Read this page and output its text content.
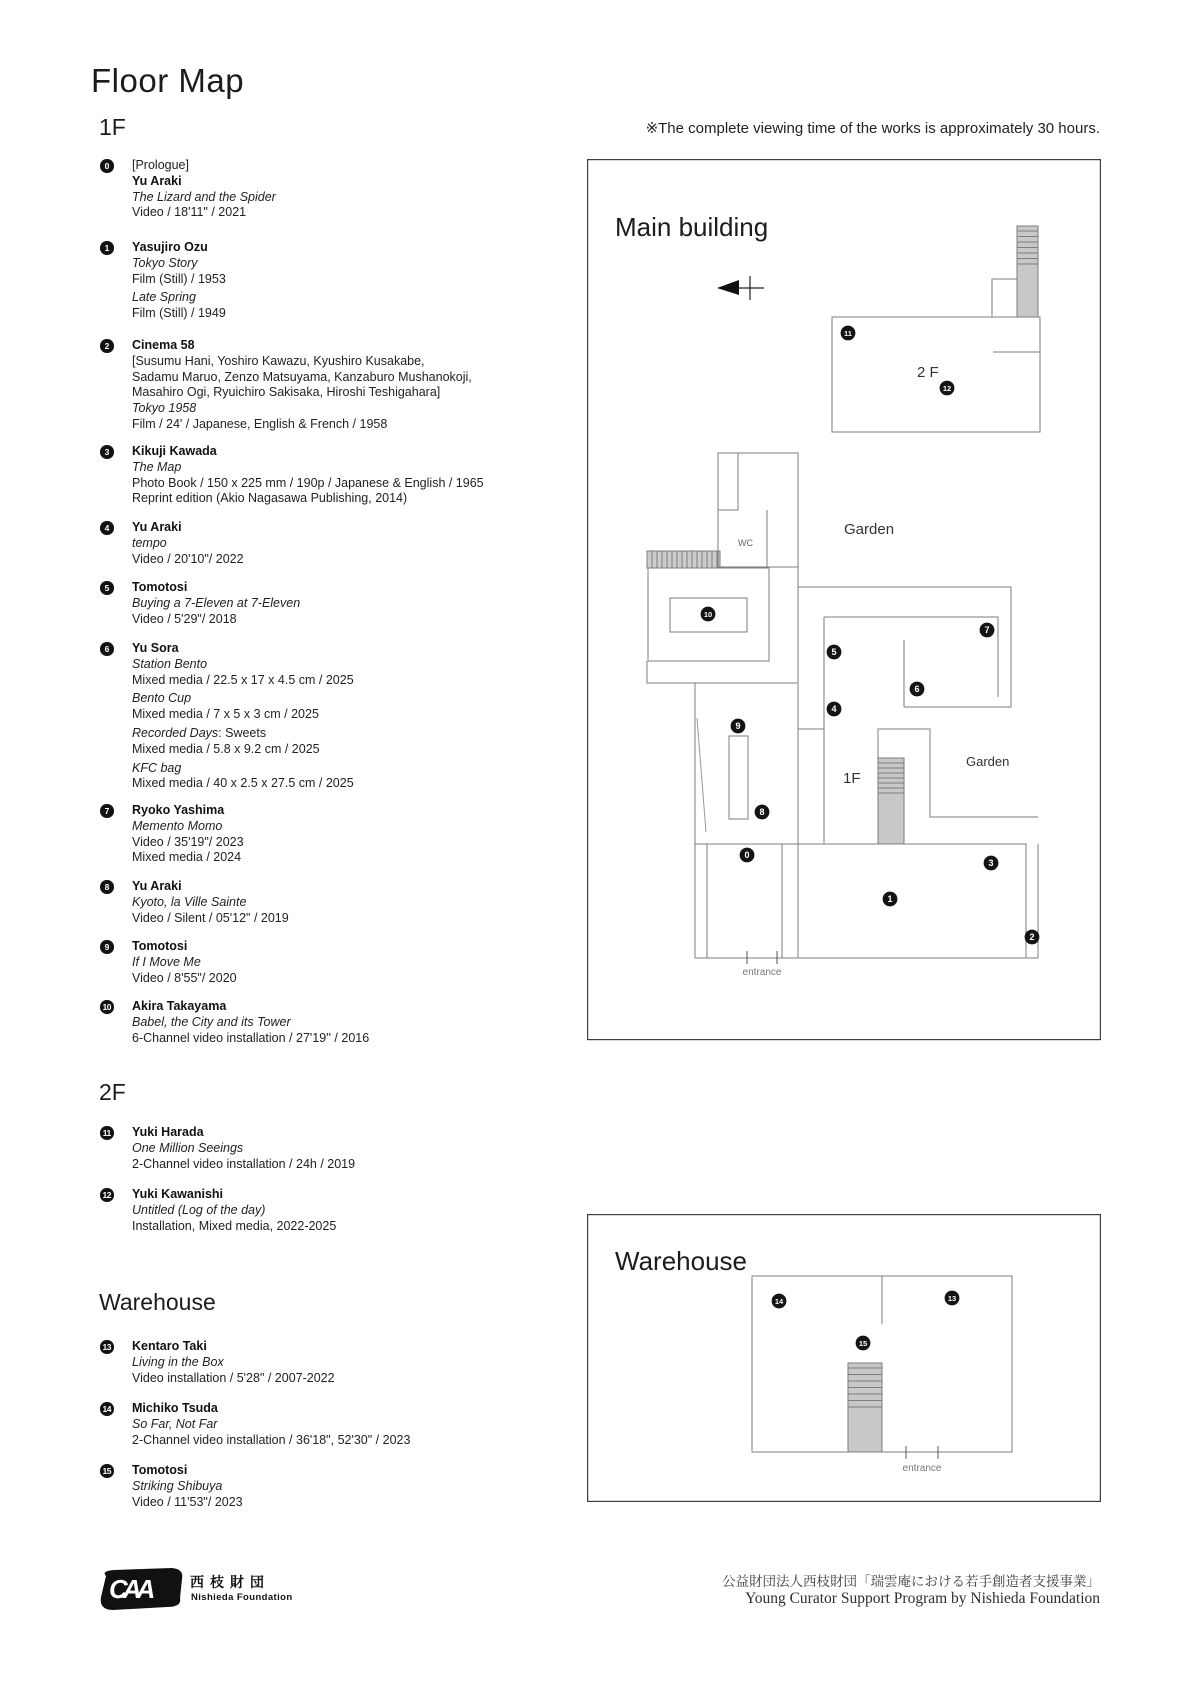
Floor Map
※The complete viewing time of the works is approximately 30 hours.
1F
0	[Prologue]
Yu Araki
The Lizard and the Spider
Video / 18'11" / 2021
1	Yasujiro Ozu
Tokyo Story
Film (Still) / 1953
Late Spring
Film (Still) / 1949
2	Cinema 58
[Susumu Hani, Yoshiro Kawazu, Kyushiro Kusakabe,
Sadamu Maruo, Zenzo Matsuyama, Kanzaburo Mushanokoji,
Masahiro Ogi, Ryuichiro Sakisaka, Hiroshi Teshigahara]
Tokyo 1958
Film / 24' / Japanese, English & French / 1958
3	Kikuji Kawada
The Map
Photo Book / 150 x 225 mm / 190p / Japanese & English / 1965
Reprint edition (Akio Nagasawa Publishing, 2014)
4	Yu Araki
tempo
Video / 20'10"/ 2022
5	Tomotosi
Buying a 7-Eleven at 7-Eleven
Video / 5'29"/ 2018
6	Yu Sora
Station Bento
Mixed media / 22.5 x 17 x 4.5 cm / 2025
Bento Cup
Mixed media / 7 x 5 x 3 cm / 2025
Recorded Days: Sweets
Mixed media / 5.8 x 9.2 cm / 2025
KFC bag
Mixed media / 40 x 2.5 x 27.5 cm / 2025
7	Ryoko Yashima
Memento Momo
Video / 35'19"/ 2023
Mixed media / 2024
8	Yu Araki
Kyoto, la Ville Sainte
Video / Silent / 05'12" / 2019
9	Tomotosi
If I Move Me
Video / 8'55"/ 2020
10 Akira Takayama
Babel, the City and its Tower
6-Channel video installation / 27'19'' / 2016
2F
11 Yuki Harada
One Million Seeings
2-Channel video installation / 24h / 2019
12 Yuki Kawanishi
Untitled (Log of the day)
Installation, Mixed media, 2022-2025
Warehouse
13 Kentaro Taki
Living in the Box
Video installation / 5'28" / 2007-2022
14 Michiko Tsuda
So Far, Not Far
2-Channel video installation / 36'18", 52'30" / 2023
15 Tomotosi
Striking Shibuya
Video / 11'53"/ 2023
Main building
2 F
Garden
1F
Garden
WC
entrance
11
12
10
7
5
6
4
9
8
0
3
1
2
Warehouse
entrance
14	13
15
CAA	西枝財団
Nishieda Foundation
公益財団法人西枝財団「瑞雲庵における若手創造者支援事業」
Young Curator Support Program by Nishieda Foundation
